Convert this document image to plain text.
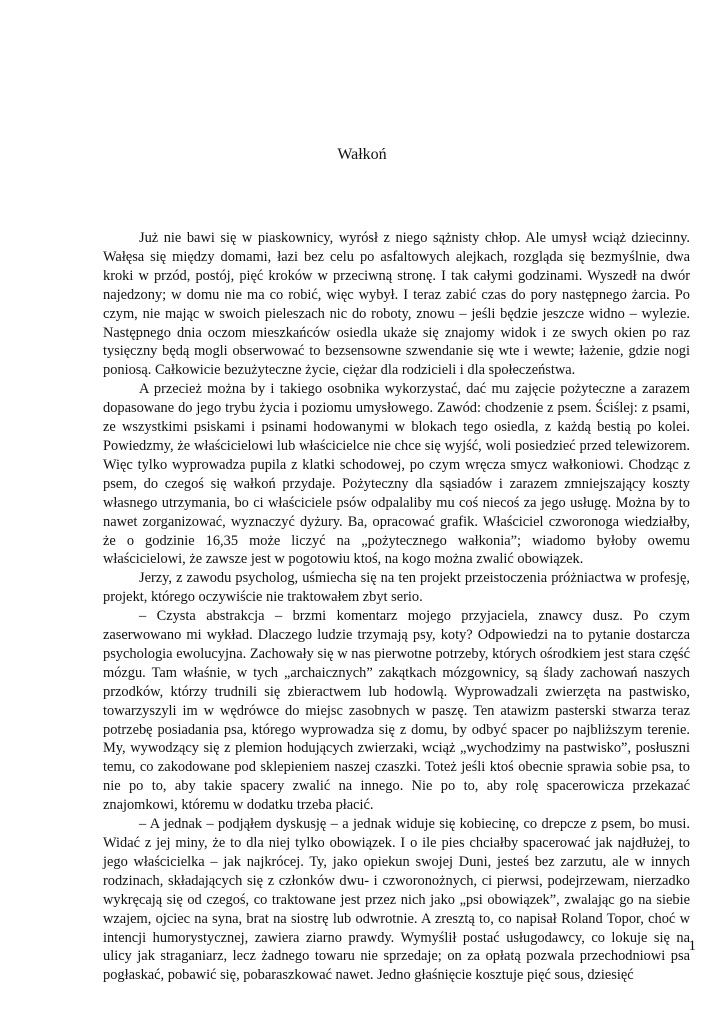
Wałkoń

Już nie bawi się w piaskownicy, wyrósł z niego sążnisty chłop. Ale umysł wciąż dziecinny. Wałęsa się między domami, łazi bez celu po asfaltowych alejkach, rozgląda się bezmyślnie, dwa kroki w przód, postój, pięć kroków w przeciwną stronę. I tak całymi godzinami. Wyszedł na dwór najedzony; w domu nie ma co robić, więc wybył. I teraz zabić czas do pory następnego żarcia. Po czym, nie mając w swoich pieleszach nic do roboty, znowu – jeśli będzie jeszcze widno – wylezie. Następnego dnia oczom mieszkańców osiedla ukaże się znajomy widok i ze swych okien po raz tysięczny będą mogli obserwować to bezsensowne szwendanie się wte i wewte; łażenie, gdzie nogi poniosą. Całkowicie bezużyteczne życie, ciężar dla rodzicieli i dla społeczeństwa.

A przecież można by i takiego osobnika wykorzystać, dać mu zajęcie pożyteczne a zarazem dopasowane do jego trybu życia i poziomu umysłowego. Zawód: chodzenie z psem. Ściślej: z psami, ze wszystkimi psiskami i psinami hodowanymi w blokach tego osiedla, z każdą bestią po kolei. Powiedzmy, że właścicielowi lub właścicielce nie chce się wyjść, woli posiedzieć przed telewizorem. Więc tylko wyprowadza pupila z klatki schodowej, po czym wręcza smycz wałkoniowi. Chodząc z psem, do czegoś się wałkoń przydaje. Pożyteczny dla sąsiadów i zarazem zmniejszający koszty własnego utrzymania, bo ci właściciele psów odpalaliby mu coś niecoś za jego usługę. Można by to nawet zorganizować, wyznaczyć dyżury. Ba, opracować grafik. Właściciel czworonoga wiedziałby, że o godzinie 16,35 może liczyć na „pożytecznego wałkonia”; wiadomo byłoby owemu właścicielowi, że zawsze jest w pogotowiu ktoś, na kogo można zwalić obowiązek.

Jerzy, z zawodu psycholog, uśmiecha się na ten projekt przeistoczenia próżniactwa w profesję, projekt, którego oczywiście nie traktowałem zbyt serio.

– Czysta abstrakcja – brzmi komentarz mojego przyjaciela, znawcy dusz. Po czym zaserwowano mi wykład. Dlaczego ludzie trzymają psy, koty? Odpowiedzi na to pytanie dostarcza psychologia ewolucyjna. Zachowały się w nas pierwotne potrzeby, których ośrodkiem jest stara część mózgu. Tam właśnie, w tych „archaicznych” zakątkach mózgownicy, są ślady zachowań naszych przodków, którzy trudnili się zbieractwem lub hodowlą. Wyprowadzali zwierzęta na pastwisko, towarzyszyli im w wędrówce do miejsc zasobnych w paszę. Ten atawizm pasterski stwarza teraz potrzebę posiadania psa, którego wyprowadza się z domu, by odbyć spacer po najbliższym terenie. My, wywodzący się z plemion hodujących zwierzaki, wciąż „wychodzimy na pastwisko”, posłuszni temu, co zakodowane pod sklepieniem naszej czaszki. Toteż jeśli ktoś obecnie sprawia sobie psa, to nie po to, aby takie spacery zwalić na innego. Nie po to, aby rolę spacerowicza przekazać znajomkowi, któremu w dodatku trzeba płacić.

– A jednak – podjąłem dyskusję – a jednak widuje się kobiecinę, co drepcze z psem, bo musi. Widać z jej miny, że to dla niej tylko obowiązek. I o ile pies chciałby spacerować jak najdłużej, to jego właścicielka – jak najkrócej. Ty, jako opiekun swojej Duni, jesteś bez zarzutu, ale w innych rodzinach, składających się z członków dwu- i czworonożnych, ci pierwsi, podejrzewam, nierzadko wykręcają się od czegoś, co traktowane jest przez nich jako „psi obowiązek”, zwalając go na siebie wzajem, ojciec na syna, brat na siostrę lub odwrotnie. A zresztą to, co napisał Roland Topor, choć w intencji humorystycznej, zawiera ziarno prawdy. Wymyślił postać usługodawcy, co lokuje się na ulicy jak straganiarz, lecz żadnego towaru nie sprzedaje; on za opłatą pozwala przechodniowi psa pogłaskać, pobawić się, pobaraszkować nawet. Jedno głaśnięcie kosztuje pięć sous, dziesięć

1
